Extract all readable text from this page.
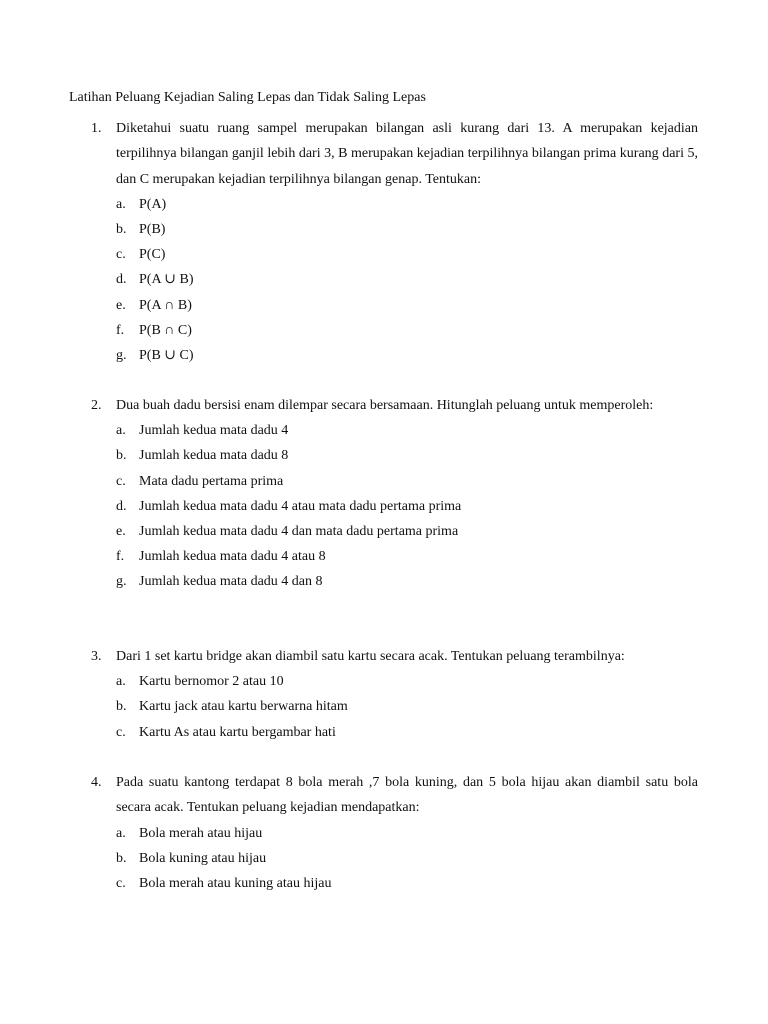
Latihan Peluang Kejadian Saling Lepas dan Tidak Saling Lepas
1. Diketahui suatu ruang sampel merupakan bilangan asli kurang dari 13. A merupakan kejadian terpilihnya bilangan ganjil lebih dari 3, B merupakan kejadian terpilihnya bilangan prima kurang dari 5, dan C merupakan kejadian terpilihnya bilangan genap. Tentukan:
a. P(A)
b. P(B)
c. P(C)
d. P(A ∪ B)
e. P(A ∩ B)
f. P(B ∩ C)
g. P(B ∪ C)
2. Dua buah dadu bersisi enam dilempar secara bersamaan. Hitunglah peluang untuk memperoleh:
a. Jumlah kedua mata dadu 4
b. Jumlah kedua mata dadu 8
c. Mata dadu pertama prima
d. Jumlah kedua mata dadu 4 atau mata dadu pertama prima
e. Jumlah kedua mata dadu 4 dan mata dadu pertama prima
f. Jumlah kedua mata dadu 4 atau 8
g. Jumlah kedua mata dadu 4 dan 8
3. Dari 1 set kartu bridge akan diambil satu kartu secara acak. Tentukan peluang terambilnya:
a. Kartu bernomor 2 atau 10
b. Kartu jack atau kartu berwarna hitam
c. Kartu As atau kartu bergambar hati
4. Pada suatu kantong terdapat 8 bola merah ,7 bola kuning, dan 5 bola hijau akan diambil satu bola secara acak. Tentukan peluang kejadian mendapatkan:
a. Bola merah atau hijau
b. Bola kuning atau hijau
c. Bola merah atau kuning atau hijau
